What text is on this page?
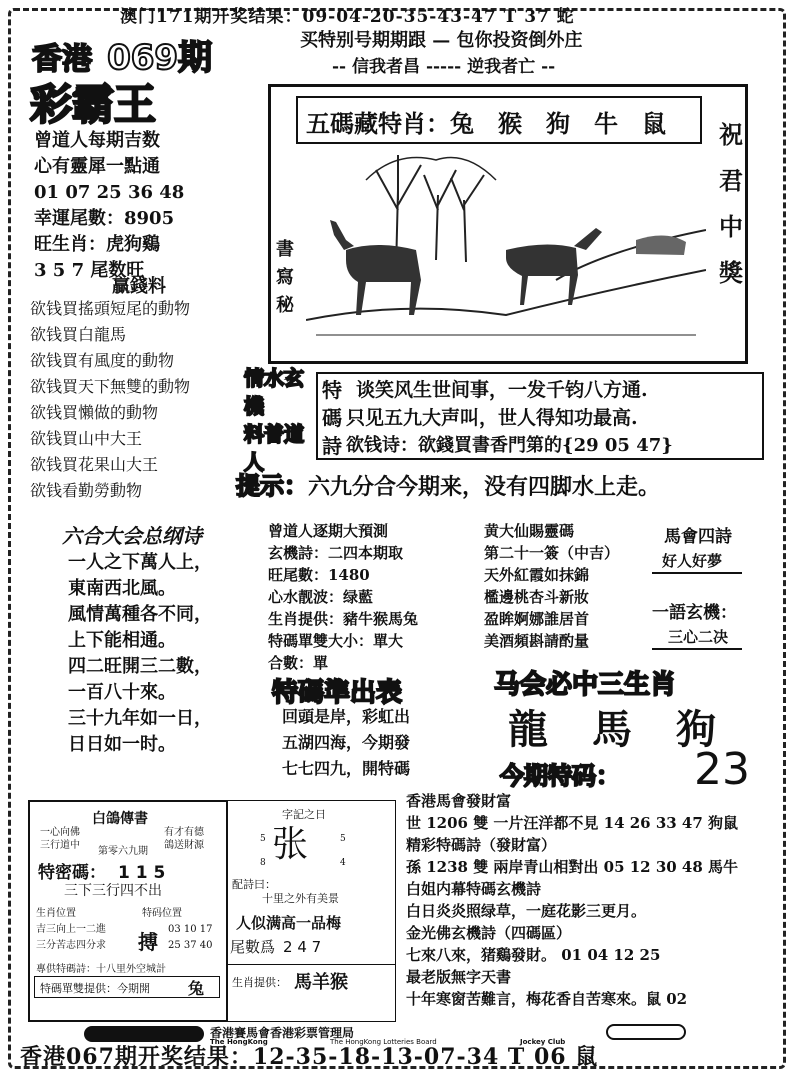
澳门171期开奖结果：09-04-20-35-43-47 T 37 蛇
香港 069期
彩霸王
买特别号期期跟 — 包你投资倒外庄
-- 信我者昌 ----- 逆我者亡 --
曾道人每期吉数
心有靈犀一點通
01 07 25 36 48
幸運尾數：8905
旺生肖：虎狗鷄
3 5 7 尾数旺
贏錢料
欲钱買搖頭短尾的動物
欲钱買白龍馬
欲钱買有風度的動物
欲钱買天下無雙的動物
欲钱買懶做的動物
欲钱買山中大王
欲钱買花果山大王
欲钱看勤勞動物
五碼藏特肖：兔　猴　狗　牛　鼠 祝君中獎
書寫秘
情水玄機
料普道人
特
碼
詩
谈笑风生世间事，一发千钧八方通.
只见五九大声叫，世人得知功最高.
欲钱诗：欲錢買書香門第的{29 05 47}
提示：六九分合今期来，没有四脚水上走。
六合大会总纲诗
一人之下萬人上，
東南西北風。
風情萬種各不同，
上下能相通。
四二旺開三二數，
一百八十來。
三十九年如一日，
日日如一时。
曾道人逐期大預測
玄機詩：二四本期取
旺尾數：1480
心水靓波：绿藍
生肖提供：豬牛猴馬兔
特碼單雙大小：單大
合數：單
特碼準出表
回頭是岸，彩虹出
五湖四海，今期發
七七四九，開特碼
黄大仙賜靈碼
第二十一簽（中吉）
天外紅霞如抹錦
檻邊桃杏斗新妝
盈眸婀娜誰居首
美酒頻斟請酌量
馬會四詩
好人好夢
一語玄機：
三心二决
马会必中三生肖
龍　馬　狗
今期特码： 23
白鴿傳書
一心向佛
三行道中
有才有德
鴿送財源
第零六九期
特密碼： 1 1 5
三下三行四不出
生肖位置
吉三向上一二進
三分苦志四分求
特码位置
03 10 17
25 37 40
搏
專供特碼詩：十八里外空城計
特碼單雙提供：今期開 兔
字記之日
张
5	5
8	4
配詩曰：
十里之外有美景
人似满高一品梅
尾數爲 2 4 7
生肖提供： 馬羊猴
香港馬會發財富
世 1206 雙 一片汪洋都不見 14 26 33 47 狗鼠
精彩特碼詩（發財富）
孫 1238 雙 兩岸青山相對出 05 12 30 48 馬牛
白姐内幕特碼玄機詩
白日炎炎照绿草，一庭花影三更月。
金光佛玄機詩（四碼區）
七來八來，猪鷄發財。 01 04 12 25
最老版無字天書
十年寒窗苦難言，梅花香自苦寒來。鼠 02
香港賽馬會香港彩票管理局
The HongKong	The HongKong Lotteries Board	Jockey Club
香港067期开奖结果：12-35-18-13-07-34 T 06 鼠
